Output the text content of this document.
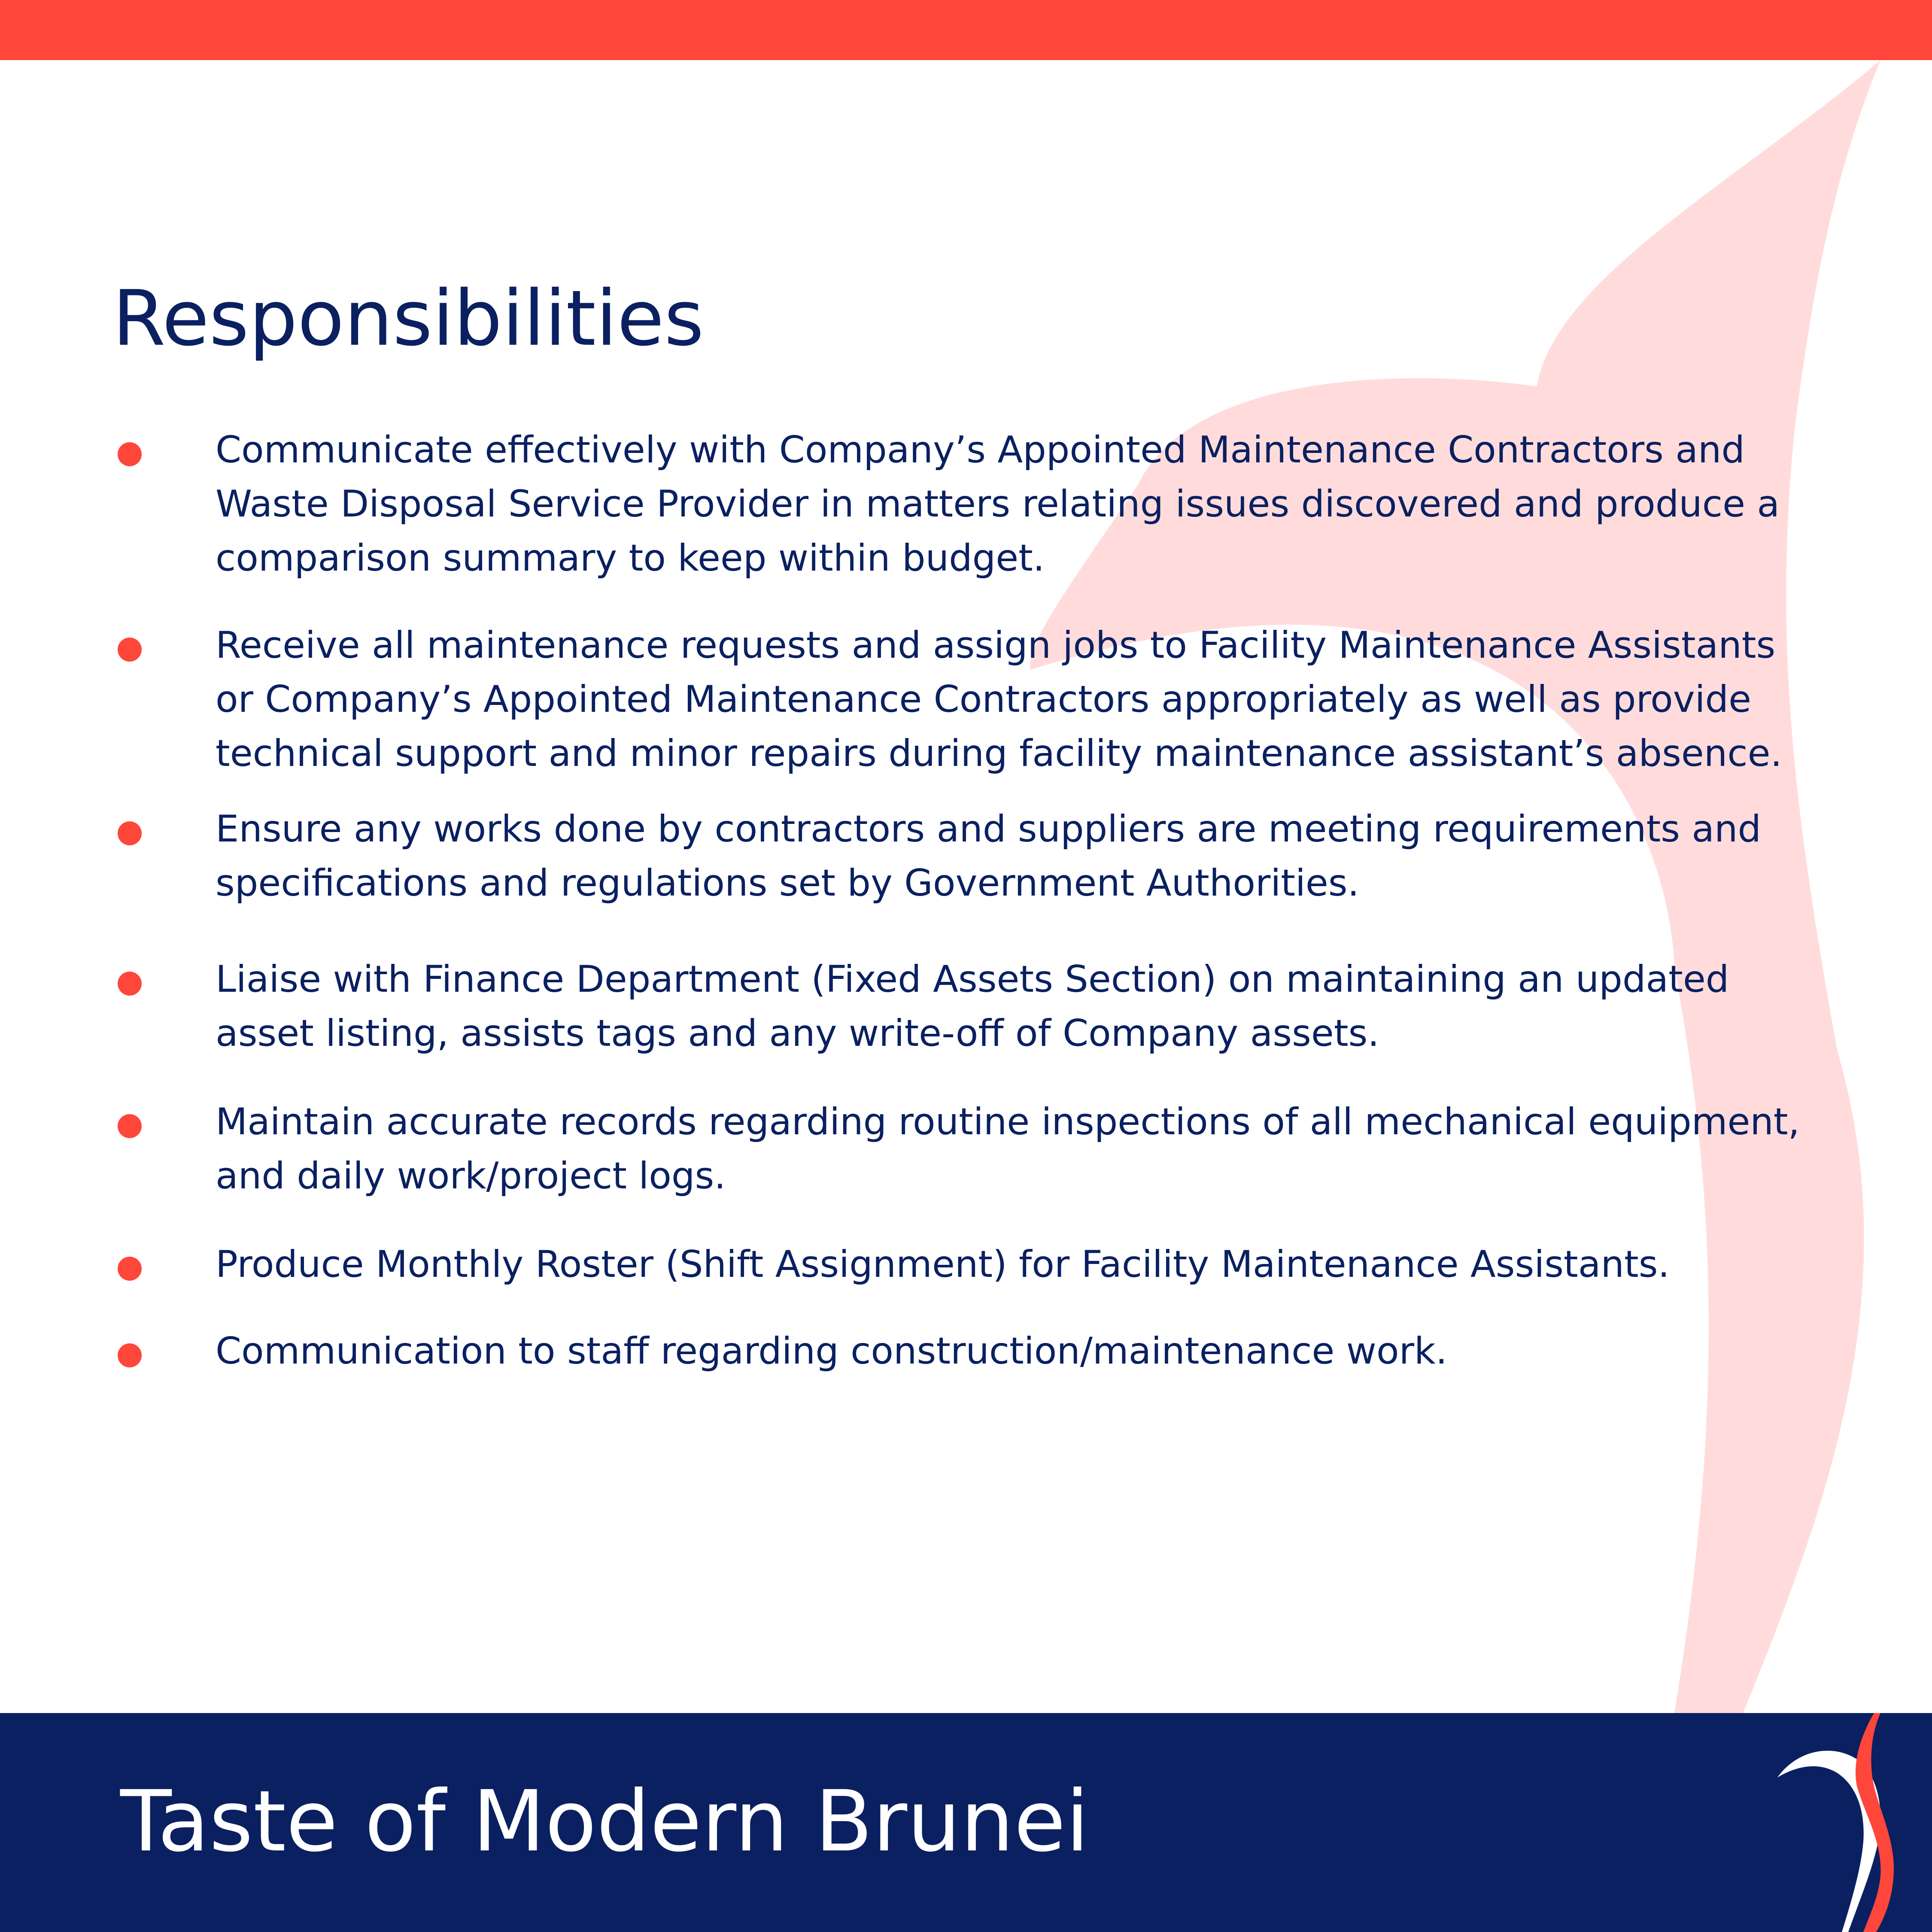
Responsibilities
Communicate effectively with Company’s Appointed Maintenance Contractors and Waste Disposal Service Provider in matters relating issues discovered and produce a comparison summary to keep within budget.
Receive all maintenance requests and assign jobs to Facility Maintenance Assistants or Company’s Appointed Maintenance Contractors appropriately as well as provide technical support and minor repairs during facility maintenance assistant’s absence.
Ensure any works done by contractors and suppliers are meeting requirements and specifications and regulations set by Government Authorities.
Liaise with Finance Department (Fixed Assets Section) on maintaining an updated asset listing, assists tags and any write-off of Company assets.
Maintain accurate records regarding routine inspections of all mechanical equipment, and daily work/project logs.
Produce Monthly Roster (Shift Assignment) for Facility Maintenance Assistants.
Communication to staff regarding construction/maintenance work.

Taste of Modern Brunei
